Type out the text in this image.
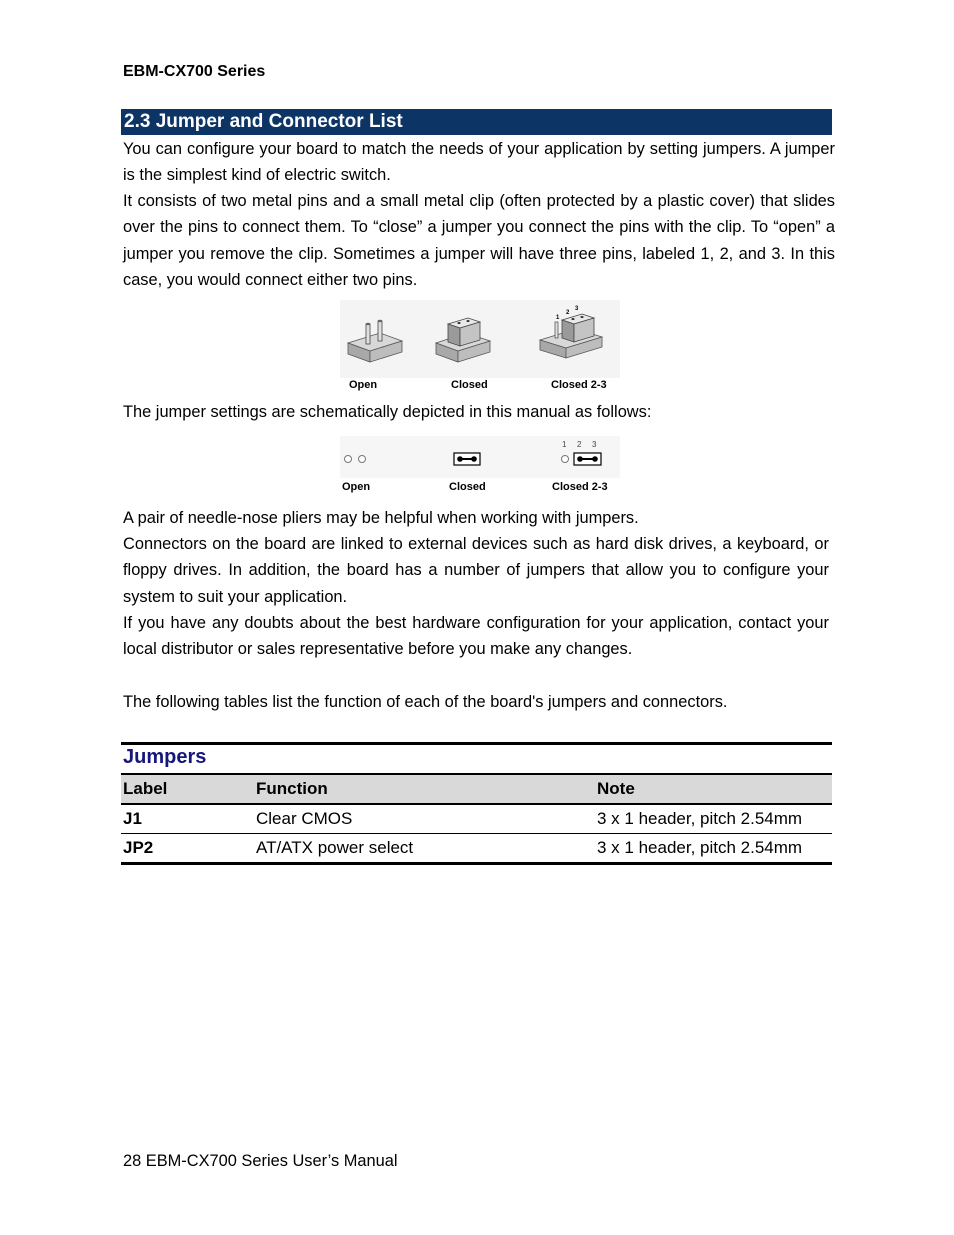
EBM-CX700 Series
2.3 Jumper and Connector List
You can configure your board to match the needs of your application by setting jumpers. A jumper is the simplest kind of electric switch.
It consists of two metal pins and a small metal clip (often protected by a plastic cover) that slides over the pins to connect them. To “close” a jumper you connect the pins with the clip. To “open” a jumper you remove the clip. Sometimes a jumper will have three pins, labeled 1, 2, and 3. In this case, you would connect either two pins.
1
2
3
Open	Closed	Closed 2-3
The jumper settings are schematically depicted in this manual as follows:
1 2 3
Open	Closed	Closed 2-3
A pair of needle-nose pliers may be helpful when working with jumpers.
Connectors on the board are linked to external devices such as hard disk drives, a keyboard, or floppy drives. In addition, the board has a number of jumpers that allow you to configure your system to suit your application.
If you have any doubts about the best hardware configuration for your application, contact your local distributor or sales representative before you make any changes.
The following tables list the function of each of the board's jumpers and connectors.
Jumpers
Label	Function	Note
J1	Clear CMOS	3 x 1 header, pitch 2.54mm
JP2	AT/ATX power select	3 x 1 header, pitch 2.54mm
28 EBM-CX700 Series User’s Manual
